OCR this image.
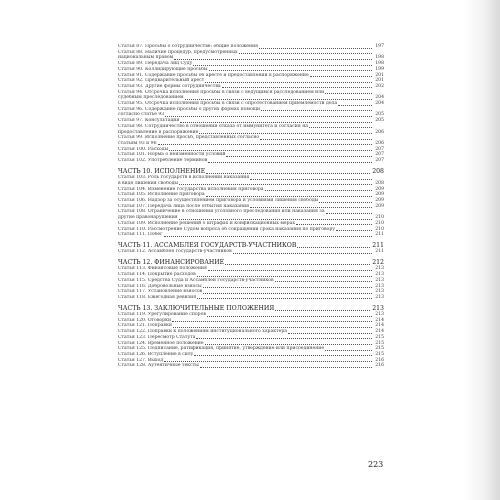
Статья 87. Просьбы о сотрудничестве: общие положения	197
Статья 88. Наличие процедур, предусмотренных
национальным правом	198
Статья 89. Передача лиц Суду	198
Статья 90. Коллидирующие просьбы	199
Статья 91. Содержание просьбы об аресте и предоставлении в распоряжение	201
Статья 92. Предварительный арест	201
Статья 93. Другие формы сотрудничества	202
Статья 94. Отсрочка исполнения просьбы в связи с ведущимся расследованием или
судебным преследованием	204
Статья 95. Отсрочка исполнения просьбы в связи с опротестованием приемлемости дела	204
Статья 96. Содержание просьбы о других формах помощи
согласно статье 93	205
Статья 97. Консультации	205
Статья 98. Сотрудничество в отношении отказа от иммунитета и согласия на
предоставление в распоряжение	206
Статья 99. Исполнение просьб, представленных согласно
статьям 93 и 96	206
Статья 100. Расходы	207
Статья 101. Норма о неизменности условий	207
Статья 102. Употребление терминов	207
ЧАСТЬ 10. ИСПОЛНЕНИЕ	208
Статья 103. Роль государств в исполнении наказания
в виде лишения свободы	208
Статья 104. Изменение государства исполнения приговора	209
Статья 105. Исполнение приговора	209
Статья 106. Надзор за осуществлением приговора и условиями лишения свободы	209
Статья 107. Передача лица после отбытия наказания	209
Статья 108. Ограничение в отношении уголовного преследования или наказания за
другие правонарушения	210
Статья 109. Исполнение решений о штрафах и конфискационных мерах	210
Статья 110. Рассмотрение Судом вопроса об сокращении срока наказания по приговору	210
Статья 111. Побег	211
ЧАСТЬ 11. АССАМБЛЕЯ ГОСУДАРСТВ-УЧАСТНИКОВ	211
Статья 112. Ассамблея государств-участников	211
ЧАСТЬ 12. ФИНАНСИРОВАНИЕ	212
Статья 113. Финансовые положения	213
Статья 114. Покрытие расходов	213
Статья 115. Средства Суда и Ассамблеи государств-участников	213
Статья 116. Добровольные взносы	213
Статья 117. Установление взносов	213
Статья 118. Ежегодная ревизия	213
ЧАСТЬ 13. ЗАКЛЮЧИТЕЛЬНЫЕ ПОЛОЖЕНИЯ	213
Статья 119. Урегулирование споров	213
Статья 120. Оговорки	214
Статья 121. Поправки	214
Статья 122. Поправки к положениям институционального характера	214
Статья 123. Пересмотр Статута	215
Статья 124. Временное положение	215
Статья 125. Подписание, ратификация, принятие, утверждение или присоединение	215
Статья 126. Вступление в силу	215
Статья 127. Выход	216
Статья 128. Аутентичные тексты	216
223
